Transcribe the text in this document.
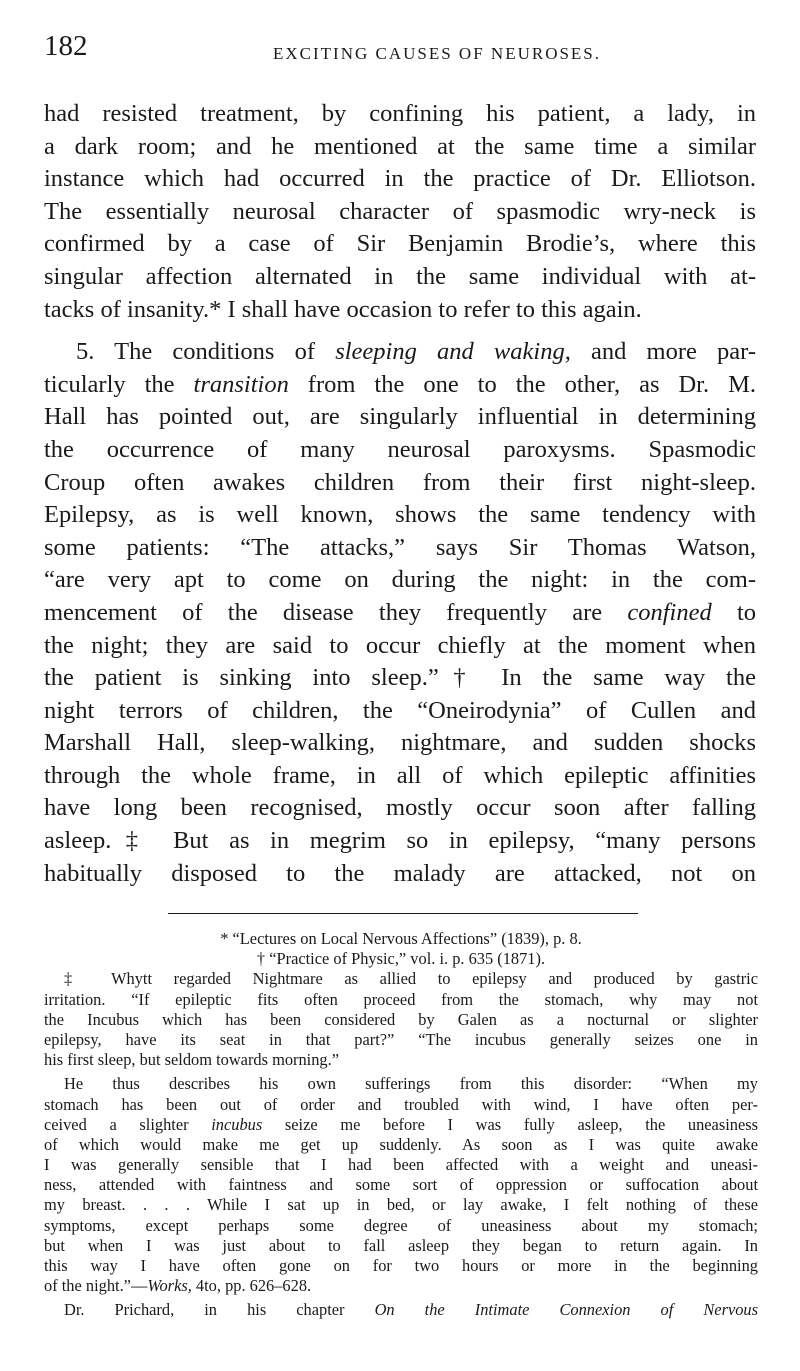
182	EXCITING CAUSES OF NEUROSES.
had resisted treatment, by confining his patient, a lady, in
a dark room; and he mentioned at the same time a similar
instance which had occurred in the practice of Dr. Elliotson.
The essentially neurosal character of spasmodic wry-neck is
confirmed by a case of Sir Benjamin Brodie’s, where this
singular affection alternated in the same individual with at-
tacks of insanity.* I shall have occasion to refer to this again.
5. The conditions of sleeping and waking, and more par-
ticularly the transition from the one to the other, as Dr. M.
Hall has pointed out, are singularly influential in determining
the occurrence of many neurosal paroxysms. Spasmodic
Croup often awakes children from their first night-sleep.
Epilepsy, as is well known, shows the same tendency with
some patients: “The attacks,” says Sir Thomas Watson,
“are very apt to come on during the night: in the com-
mencement of the disease they frequently are confined to
the night; they are said to occur chiefly at the moment when
the patient is sinking into sleep.”† In the same way the
night terrors of children, the “Oneirodynia” of Cullen and
Marshall Hall, sleep-walking, nightmare, and sudden shocks
through the whole frame, in all of which epileptic affinities
have long been recognised, mostly occur soon after falling
asleep.‡ But as in megrim so in epilepsy, “many persons
habitually disposed to the malady are attacked, not on
* “Lectures on Local Nervous Affections” (1839), p. 8.
† “Practice of Physic,” vol. i. p. 635 (1871).
‡ Whytt regarded Nightmare as allied to epilepsy and produced by gastric
irritation. “If epileptic fits often proceed from the stomach, why may not
the Incubus which has been considered by Galen as a nocturnal or slighter
epilepsy, have its seat in that part?” “The incubus generally seizes one in
his first sleep, but seldom towards morning.”
He thus describes his own sufferings from this disorder: “When my
stomach has been out of order and troubled with wind, I have often per-
ceived a slighter incubus seize me before I was fully asleep, the uneasiness
of which would make me get up suddenly. As soon as I was quite awake
I was generally sensible that I had been affected with a weight and uneasi-
ness, attended with faintness and some sort of oppression or suffocation about
my breast. . . . While I sat up in bed, or lay awake, I felt nothing of these
symptoms, except perhaps some degree of uneasiness about my stomach;
but when I was just about to fall asleep they began to return again. In
this way I have often gone on for two hours or more in the beginning
of the night.”—Works, 4to, pp. 626–628.
Dr. Prichard, in his chapter On the Intimate Connexion of Nervous
